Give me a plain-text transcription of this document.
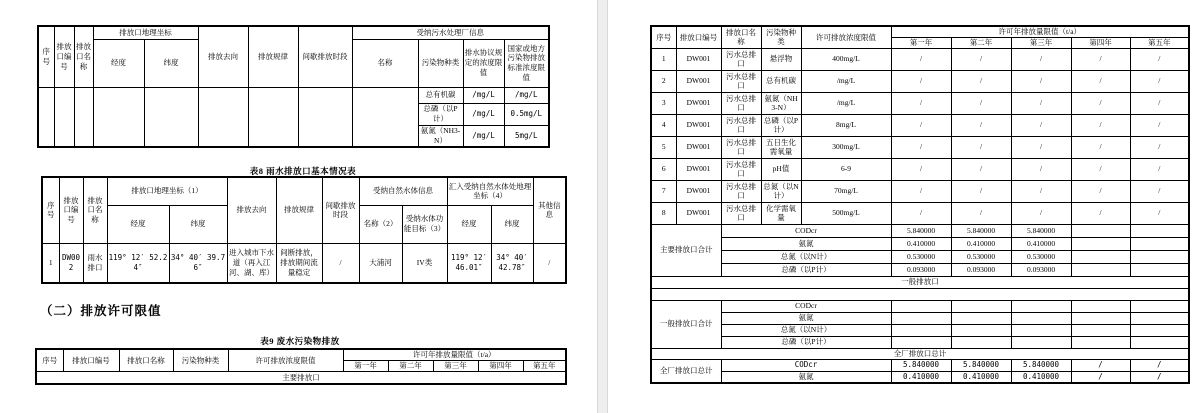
序号	排放口编号	排放口名称	排放口地理坐标		排放去向	排放规律	间歇排放时段	受纳污水处理厂信息			
			经度	纬度				名称	污染物种类	排水协议规定的浓度限值	国家或地方污染物排放标准浓度限值
									总有机碳	/mg/L	/mg/L
									总磷（以P计）	/mg/L	0.5mg/L
									氨氮（NH3-N）	/mg/L	5mg/L
表8 雨水排放口基本情况表
序号	排放口编号	排放口名称	排放口地理坐标（1）		排放去向	排放规律	间歇排放时段	受纳自然水体信息		汇入受纳自然水体处地理坐标（4）		其他信息
			经度	纬度				名称（2）	受纳水体功能目标（3）	经度	纬度	
1	DW002	雨水排口	119° 12′ 52.24″	34° 40′ 39.76″	进入城市下水道（再入江河、湖、库）	间断排放，排放期间流量稳定	/	大浦河	IV类	119° 12′ 46.01″	34° 40′ 42.78″	/
（二）排放许可限值
表9 废水污染物排放
序号	排放口编号	排放口名称	污染物种类	许可排放浓度限值	许可年排放量限值（t/a）				
					第一年	第二年	第三年	第四年	第五年
主要排放口									
序号	排放口编号	排放口名称	污染物种类	许可排放浓度限值	许可年排放量限值（t/a）				
					第一年	第二年	第三年	第四年	第五年
1	DW001	污水总排口	悬浮物	400mg/L	/	/	/	/	/
2	DW001	污水总排口	总有机碳	/mg/L	/	/	/	/	/
3	DW001	污水总排口	氨氮（NH3-N）	/mg/L	/	/	/	/	/
4	DW001	污水总排口	总磷（以P计）	8mg/L	/	/	/	/	/
5	DW001	污水总排口	五日生化需氧量	300mg/L	/	/	/	/	/
6	DW001	污水总排口	pH值	6-9	/	/	/	/	/
7	DW001	污水总排口	总氮（以N计）	70mg/L	/	/	/	/	/
8	DW001	污水总排口	化学需氧量	500mg/L	/	/	/	/	/
主要排放口合计		CODcr			5.840000	5.840000	5.840000		
		氨氮			0.410000	0.410000	0.410000		
		总氮（以N计）			0.530000	0.530000	0.530000		
		总磷（以P计）			0.093000	0.093000	0.093000		
一般排放口									

一般排放口合计		CODcr							
		氨氮							
		总氮（以N计）							
		总磷（以P计）							
全厂排放口总计									
全厂排放口总计		CODcr			5.840000	5.840000	5.840000	/	/
		氨氮			0.410000	0.410000	0.410000	/	/
